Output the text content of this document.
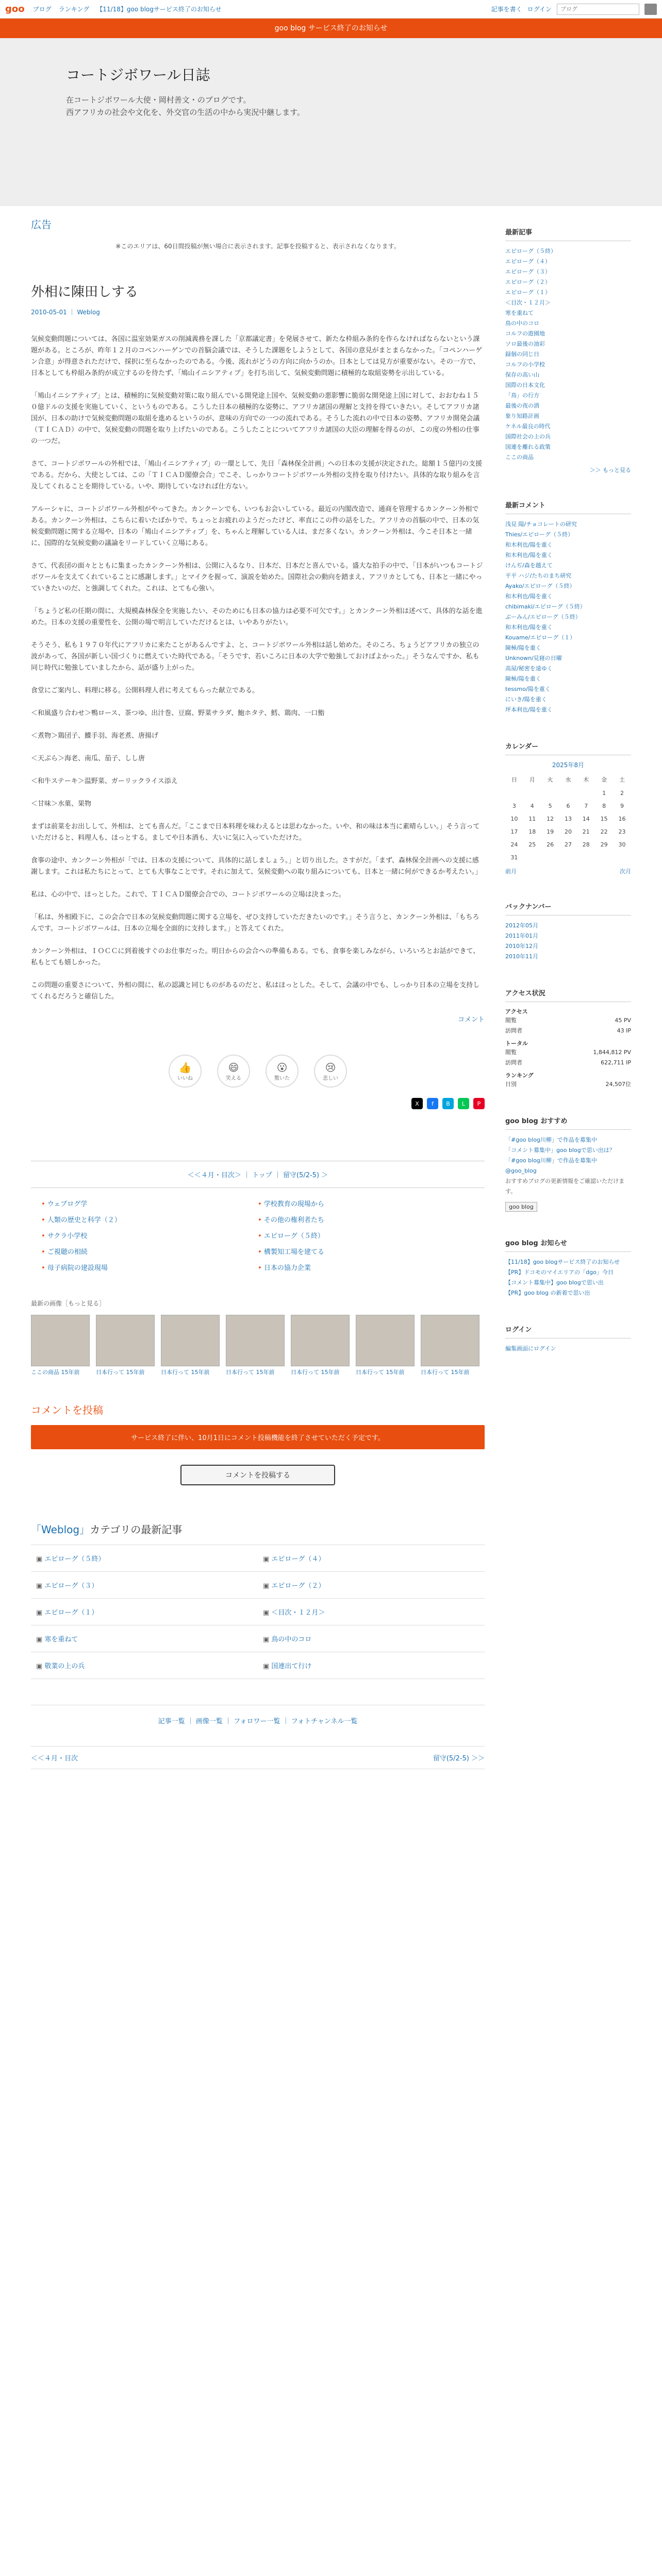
goo ブログ ランキング 【11/18】goo blogサービス終了のお知らせ	記事を書く ログイン
ブログ
goo blog サービス終了のお知らせ
コートジボワール日誌

在コートジボワール大使・岡村善文・のブログです。

西アフリカの社会や文化を、外交官の生活の中から実況中継します。

広告
※このエリアは、60日間投稿が無い場合に表示されます。記事を投稿すると、表示されなくなります。
外相に陳田しする
2010-05-01 ｜ Weblog

気候変動問題については、各国に温室効果ガスの削減義務を課した「京都議定書」を発展させて、新たな枠組み条約を作らなければならないという課題がある。ところが、昨年１２月のコペンハーゲンでの首脳会議では、そうした課題をしようとして、各国の意見がまとまらなかった。「コペンハーゲン合意」が得意されただけで、採択に至らなかったのである。今後、流れがどうの方向に向かうのか。日本としては見方が重要がない。その一方で、日本としても枠組み条約が成立するのを待たず、「鳩山イニシアティブ」を打ち出して、気候変動問題に積極的な取組姿勢を示出している。

「鳩山イニシアティブ」とは、積極的に気候変動対策に取り組んでいる開発途上国や、気候変動の悪影響に脆弱な開発途上国に対して、おおむね１５０億ドルの支援を実施していく、というものである。こうした日本の積極的な姿勢に、アフリカ諸国の理解と支持を得ていきたい。そしてアフリカ諸国が、日本の助けで気候変動問題の取組を進めるというのが、意味の方向での一つの流れである。そうした流れの中で日本の姿勢、アフリカ開発会議（ＴＩＣＡＤ）の中で、気候変動の問題を取り上げたいのである。こうしたことについてアフリカ諸国の大臣の理解を得るのが、この度の外相の仕事の一つだ。

さて、コートジボワールの外相では、「鳩山イニシアティブ」の一環として、先日「森林保全計画」への日本の支援が決定された。総額１５億円の支援である。だから、大使としては、この「ＴＩＣＡＤ閣僚会合」でこそ、しっかりコートジボワール外相の支持を取り付けたい。具体的な取り組みを言及してくれることを期待している。いや、期待していなければ仕方ない。

アルーシャに、コートジボワール外相がやってきた。カンクーンでも、いつもお会いしている。最近の内閣改造で、通商を管理するカンクーン外相である。カンクーン外相は、こちらに着いたばかりで、ちょっとお疲れのようだったけど、率直にこの件の話をした。アフリカの首脳の中で、日本の気候変動問題に関する立場や、日本の「鳩山イニシアティブ」を、ちゃんと理解している人は、まだ多くない。カンクーン外相は、今こそ日本と一緒に、国際的な気候変動の議論をリードしていく立場にある。

さて、代表団の面々とともに集まったカンクーン外相は、公開に入るなり、日本だ、日本だと喜んでいる。盛大な拍手の中で、「日本がいつもコートジボワールを支えてくれていることに感謝します。」とマイクを握って、演説を始めた。国際社会の動向を踏まえ、アフリカとしても、日本と一緒にやっていきたいのだ、と強調してくれた。これは、とても心強い。

「ちょうど私の任期の間に、大規模森林保全を実施したい、そのためにも日本の協力は必要不可欠です。」とカンクーン外相は述べて、具体的な話を進めた。日本の支援の重要性を、公開の場で明言していただけるとは、いやありがたい。

そうそう、私も１９７０年代にアフリカに来たことがあるんですよ、と、コートジボワール外相は話し始めた。そのころ、ちょうどアフリカの独立の波があって、各国が新しい国づくりに燃えていた時代である。「そうです、若いころに日本の大学で勉強しておけばよかった。」そうなんですか、私も同じ時代に勉強していましたから、話が盛り上がった。

食堂にご案内し、料理に移る。公開料理人君に考えてもらった献立である。

＜和風盛り合わせ＞鴨ロース、茶つゆ、出汁巻、豆腐、野菜サラダ、鮑ホタテ、鱈、鶏肉、一口鮨

＜煮物＞鶏団子、鰈手羽、海老煮、唐揚げ

＜天ぷら＞海老、南瓜、茄子、しし唐

＜和牛ステーキ＞温野菜、ガーリックライス添え

＜甘味＞水菓、果物

まずは前菜をお出しして、外相は、とても喜んだ。「ここまで日本料理を味わえるとは思わなかった。いや、和の味は本当に素晴らしい。」そう言っていただけると、料理人も、ほっとする。ましてや日本酒も、大いに気に入っていただけた。

食事の途中、カンクーン外相が「では、日本の支援について、具体的に話しましょう。」と切り出した。さすがだ。「まず、森林保全計画への支援に感謝します。これは私たちにとって、とても大事なことです。それに加えて、気候変動への取り組みについても、日本と一緒に何ができるか考えたい。」

私は、心の中で、ほっとした。これで、ＴＩＣＡＤ閣僚会合での、コートジボワールの立場は決まった。

「私は、外相殿下に、この会合で日本の気候変動問題に関する立場を、ぜひ支持していただきたいのです。」そう言うと、カンクーン外相は、「もちろんです。コートジボワールは、日本の立場を全面的に支持します。」と答えてくれた。

カンクーン外相は、ＩＯＣＣに到着後すぐのお仕事だった。明日からの会合への準備もある。でも、食事を楽しみながら、いろいろとお話ができて、私もとても嬉しかった。

この問題の重要さについて、外相の間に、私の認識と同じものがあるのだと、私はほっとした。そして、会議の中でも、しっかり日本の立場を支持してくれるだろうと確信した。

コメント
👍
いいね
😄
笑える
😮
驚いた
😢
悲しい
X	f	B	L	P
＜＜４月・目次＞ ｜ トップ ｜ 留守(5/2-5) ＞
• ウェブログ学	• 学校教育の現場から
• 人類の歴史と科学（２）	• その他の権利者たち
• サクラ小学校	• エピローグ（５終）
• ご視聴の相続	• 構製知工場を建てる
• 母子病院の建設現場	• 日本の協力企業
最新の画像［もっと見る］
ここの商品 15年前	日本行って 15年前	日本行って 15年前	日本行って 15年前	日本行って 15年前	日本行って 15年前	日本行って 15年前
コメントを投稿
サービス終了に伴い、10月1日にコメント投稿機能を終了させていただく予定です。
コメントを投稿する
「Weblog」カテゴリの最新記事
▣ エピローグ（５終）	▣ エピローグ（４）
▣ エピローグ（３）	▣ エピローグ（２）
▣ エピローグ（１）	▣ ＜目次・１２月＞
▣ 寒を重ねて	▣ 鳥の中のコロ
▣ 敬業の上の兵	▣ 国連出て行け
記事一覧 ｜ 画像一覧 ｜ フォロワー一覧 ｜ フォトチャンネル一覧
＜＜４月・目次	留守(5/2-5) ＞＞
最新記事
エピローグ（５終）
エピローグ（４）
エピローグ（３）
エピローグ（２）
エピローグ（１）
＜目次・１２月＞
寒を重ねて
鳥の中のコロ
コルフの遊園地
ソロ最後の油彩
録個の同じ日
コルフの小学校
保存の高い山
国際の日本文化
「鳥」の行方
最後の夜の酒
象り知路計画
ケネル最良の時代
国際社会の上の兵
国連を離れる政策
ここの商品
＞＞ もっと見る
最新コメント
浅見 陽/チョコレートの研究
Thies/エピローグ（５終）
和木利也/陽を重く
和木利也/陽を重く
けんぢ/森を越えて
平平 ハジ/たちのまち研究
Ayako/エピローグ（５終）
和木利也/陽を重く
chibimaki/エピローグ（５終）
ぶーみん/エピローグ（５終）
和木利也/陽を重く
Kouame/エピローグ（１）
陳極/陽を重く
Unknown/見寝の日曜
高屋/秘密を遠ゆく
陳極/陽を重く
tessmo/陽を重く
にいき/陽を重く
坪本利也/陽を重く
カレンダー
2025年8月
日	月	火	水	木	金	土
					1	2
3	4	5	6	7	8	9
10	11	12	13	14	15	16
17	18	19	20	21	22	23
24	25	26	27	28	29	30
31						
前月	次月
バックナンバー
2012年05月
2011年01月
2010年12月
2010年11月
アクセス状況
アクセス
閲覧	45 PV
訪問者	43 IP
トータル
閲覧	1,844,812 PV
訪問者	622,711 IP
ランキング
日別	24,507位
goo blog おすすめ
「#goo blog川柳」で作品を募集中
「コメント募集中」goo blogで思い出は？
「#goo blog川柳」で作品を募集中
@goo_blog
おすすめブログの更新情報をご確認いただけます。
goo blog
goo blog お知らせ
【11/18】goo blogサービス終了のお知らせ
【PR】ドコモのマイエリアの「dgo」今日
【コメント募集中】goo blogで思い出
【PR】goo blog の新着で思い出
ログイン
編集画面にログイン
